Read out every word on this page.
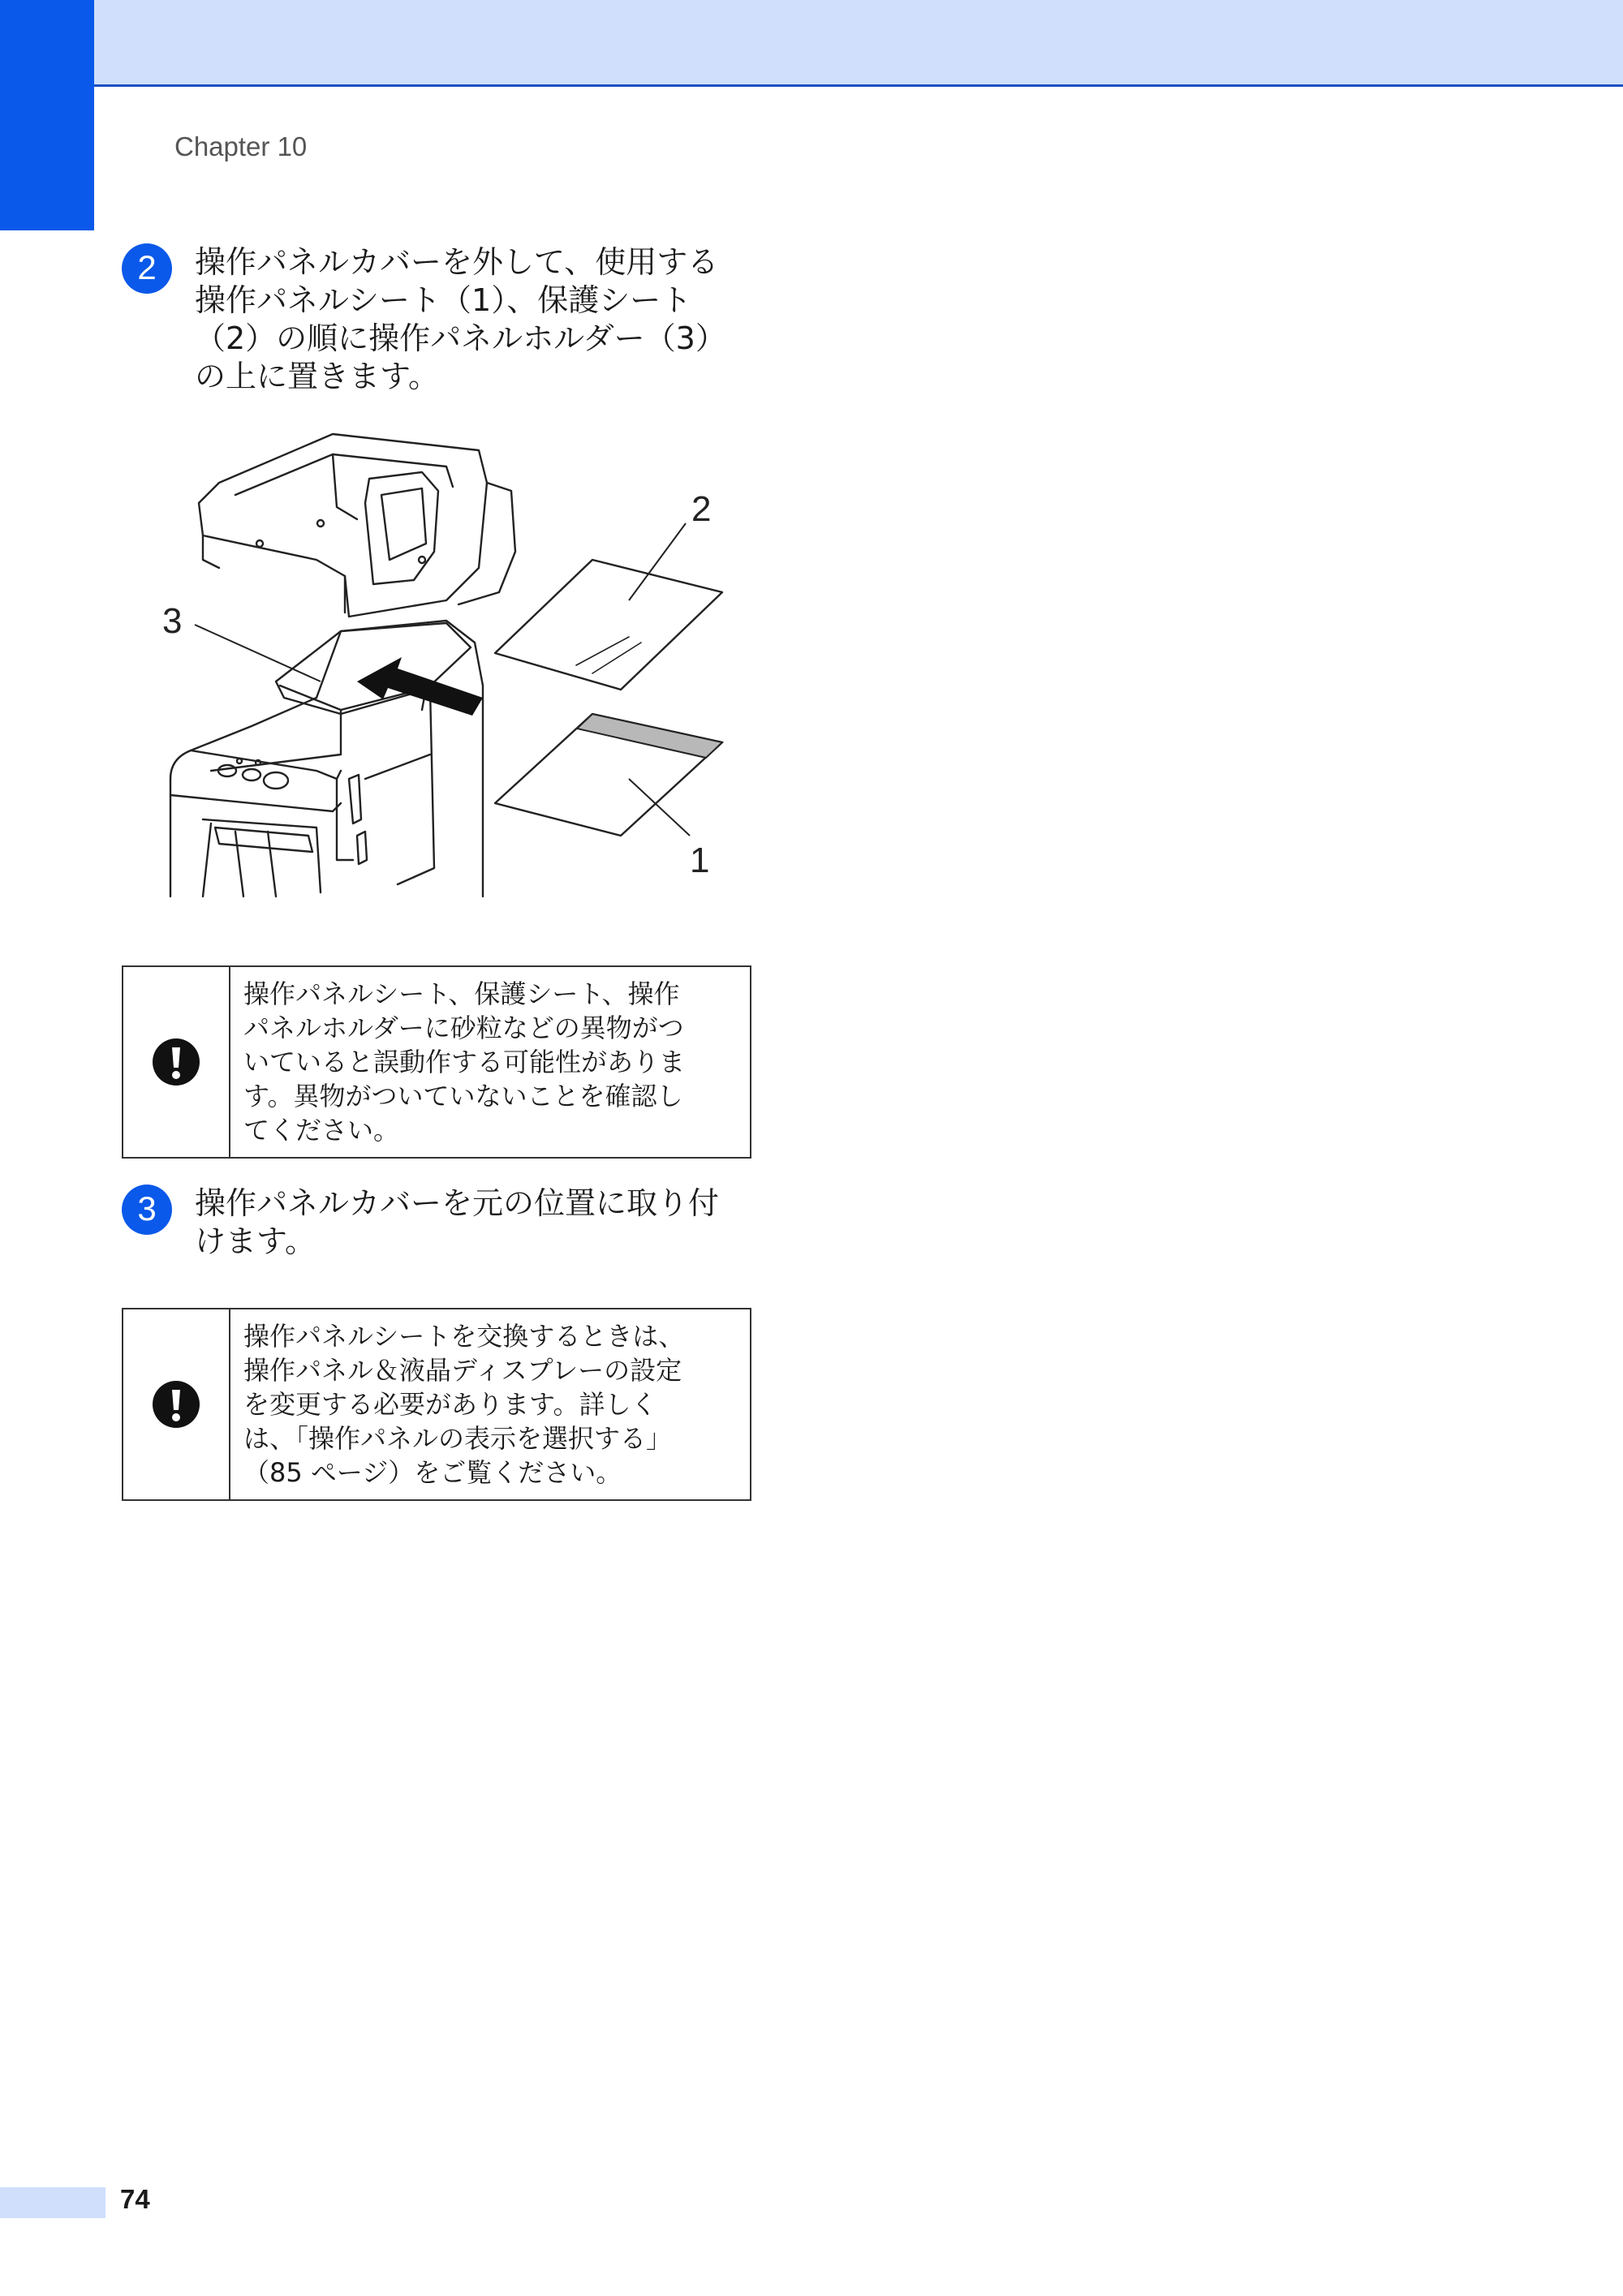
Chapter 10
2	操作パネルカバーを外して、使用する
操作パネルシート（1）、保護シート
（2）の順に操作パネルホルダー（3）
の上に置きます。
2
3
1
操作パネルシート、保護シート、操作
パネルホルダーに砂粒などの異物がつ
いていると誤動作する可能性がありま
す。異物がついていないことを確認し
てください。
3	操作パネルカバーを元の位置に取り付
けます。
操作パネルシートを交換するときは、
操作パネル＆液晶ディスプレーの設定
を変更する必要があります。詳しく
は、「操作パネルの表示を選択する」
（85 ページ）をご覧ください。
74
